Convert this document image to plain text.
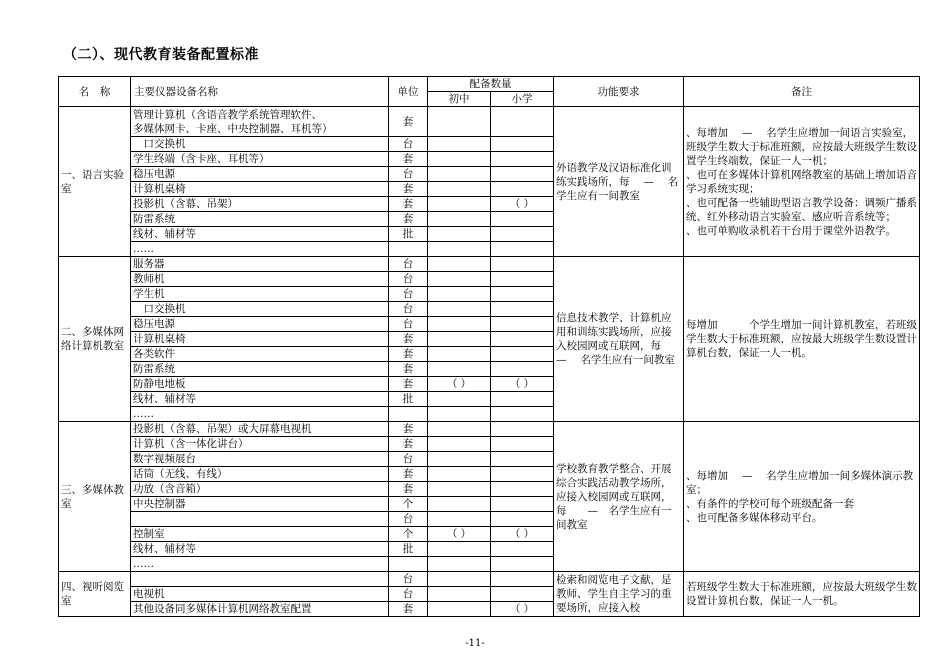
（二）、现代教育装备配置标准
名　称	主要仪器设备名称	单位	配备数量		功能要求	备注
			初中	小学		
一、语言实验室	管理计算机（含语音教学系统管理软件、
多媒体网卡、卡座、中央控制器、耳机等）	套			外语教学及汉语标准化训练实践场所，每 　— 　名学生应有一间教室	、每增加　 — 　名学生应增加一间语言实验室，班级学生数大于标准班额，应按最大班级学生数设置学生终端数，保证一人一机；
、也可在多媒体计算机网络教室的基础上增加语音学习系统实现；
、也可配备一些辅助型语言教学设备：调频广播系统、红外移动语言实验室、感应听音系统等；
、也可单购收录机若干台用于课堂外语教学。
	　口交换机	台				
	学生终端（含卡座、耳机等）	套				
	稳压电源	台				
	计算机桌椅	套				
	投影机（含幕、吊架）	套		（ ）		
	防雷系统	套				
	线材、辅材等	批				
	……					
二、多媒体网络计算机教室	服务器	台			信息技术教学、计算机应用和训练实践场所，应接入校园网或互联网，每　 — 　名学生应有一间教室	每增加　　　个学生增加一间计算机教室，若班级学生数大于标准班额，应按最大班级学生数设置计算机台数，保证一人一机。
	教师机	台				
	学生机	台				
	　口交换机	台				
	稳压电源	台				
	计算机桌椅	套				
	各类软件	套				
	防雷系统	套				
	防静电地板	套	（ ）	（ ）		
	线材、辅材等	批				
	……					
三、多媒体教室	投影机（含幕、吊架）或大屏幕电视机	套			学校教育教学整合、开展综合实践活动教学场所，应接入校园网或互联网，每　　—　名学生应有一间教室	、每增加　 — 　名学生应增加一间多媒体演示教室；
、有条件的学校可每个班级配备一套
、也可配备多媒体移动平台。
	计算机（含一体化讲台）	套				
	数字视频展台	台				
	话筒（无线、有线）	套				
	功放（含音箱）	套				
	中央控制器	个				
		台				
	控制室	个	（ ）	（ ）		
	线材、辅材等	批				
	……					
四、视听阅览室		台			检索和阅览电子文献，是教师、学生自主学习的重要场所，应接入校	若班级学生数大于标准班额，应按最大班级学生数设置计算机台数，保证一人一机。
	电视机	台				
	其他设备同多媒体计算机网络教室配置	套		（ ）		
-11-
